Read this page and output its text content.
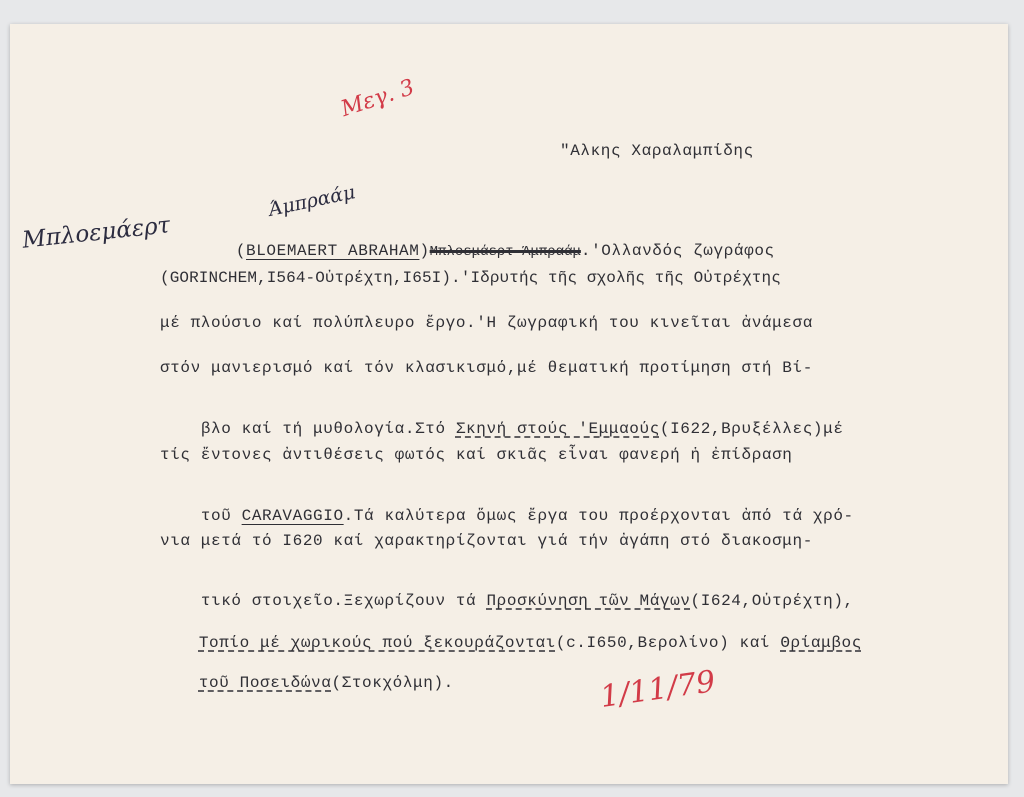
Μεγ. 3
"Αλκης Χαραλαμπίδης
Άμπραάμ
Μπλοεμάερτ	(BLOEMAERT ABRAHAM)Μπλοεμάερτ Άμπραάμ.'Ολλανδός ζωγράφος

(GORINCHEM,I564-Οὐτρέχτη,I65I).'Ιδρυτής τῆς σχολῆς τῆς Οὐτρέχτης
μέ πλούσιο καί πολύπλευρο ἔργο.'Η ζωγραφική του κινεῖται ἀνάμεσα
στόν μανιερισμό καί τόν κλασικισμό,μέ θεματική προτίμηση στή Βί-

βλο καί τή μυθολογία.Στό Σκηνή στούς 'Εμμαούς(I622,Βρυξέλλες)μέ

τίς ἔντονες ἀντιθέσεις φωτός καί σκιᾶς εἶναι φανερή ἡ ἐπίδραση

τοῦ CARAVAGGIO.Τά καλύτερα ὅμως ἔργα του προέρχονται ἀπό τά χρό-

νια μετά τό I620 καί χαρακτηρίζονται γιά τήν ἀγάπη στό διακοσμη-

τικό στοιχεῖο.Ξεχωρίζουν τά Προσκύνηση τῶν Μάγων(I624,Οὐτρέχτη),

Τοπίο μέ χωρικούς πού ξεκουράζονται(c.I650,Βερολίνο) καί Θρίαμβος

τοῦ Ποσειδώνα(Στοκχόλμη).
	1/11/79
